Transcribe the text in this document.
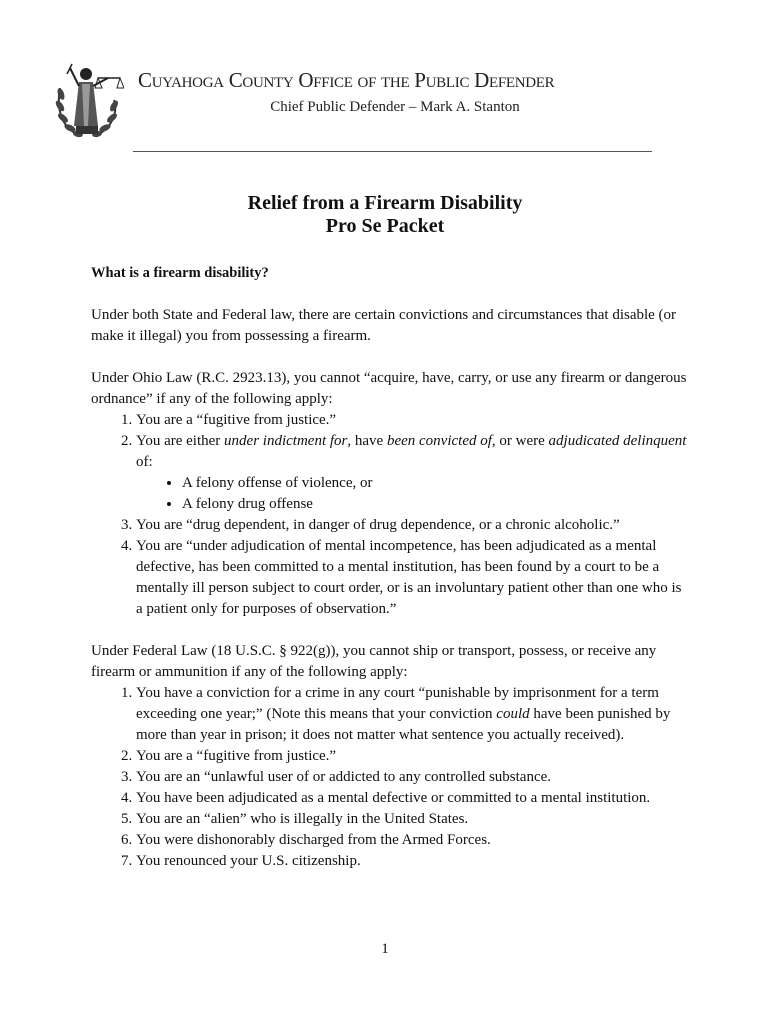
Cuyahoga County Office of the Public Defender
Chief Public Defender – Mark A. Stanton
Relief from a Firearm Disability
Pro Se Packet
What is a firearm disability?

Under both State and Federal law, there are certain convictions and circumstances that disable (or make it illegal) you from possessing a firearm.

Under Ohio Law (R.C. 2923.13), you cannot “acquire, have, carry, or use any firearm or dangerous ordnance” if any of the following apply:

1. You are a “fugitive from justice.”
2. You are either under indictment for, have been convicted of, or were adjudicated delinquent of:
• A felony offense of violence, or
• A felony drug offense
3. You are “drug dependent, in danger of drug dependence, or a chronic alcoholic.”
4. You are “under adjudication of mental incompetence, has been adjudicated as a mental defective, has been committed to a mental institution, has been found by a court to be a mentally ill person subject to court order, or is an involuntary patient other than one who is a patient only for purposes of observation.”

Under Federal Law (18 U.S.C. § 922(g)), you cannot ship or transport, possess, or receive any firearm or ammunition if any of the following apply:

1. You have a conviction for a crime in any court “punishable by imprisonment for a term exceeding one year;” (Note this means that your conviction could have been punished by more than year in prison; it does not matter what sentence you actually received).
2. You are a “fugitive from justice.”
3. You are an “unlawful user of or addicted to any controlled substance.
4. You have been adjudicated as a mental defective or committed to a mental institution.
5. You are an “alien” who is illegally in the United States.
6. You were dishonorably discharged from the Armed Forces.
7. You renounced your U.S. citizenship.
1
